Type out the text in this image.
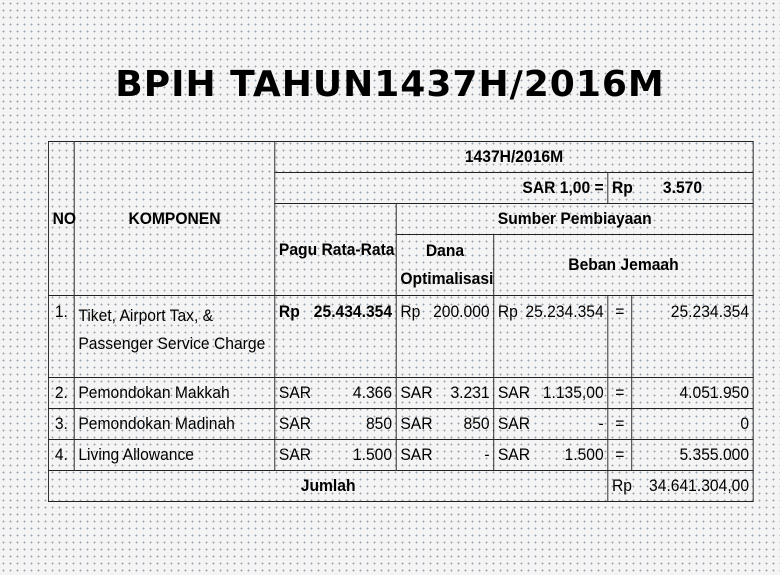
BPIH TAHUN1437H/2016M
NO	KOMPONEN	1437H/2016M				
		SAR 1,00 =			Rp 3.570	
		Pagu Rata-Rata	Sumber Pembiayaan			
			Dana Optimalisasi	Beban Jemaah		
1.	Tiket, Airport Tax, & Passenger Service Charge	Rp 25.434.354	Rp 200.000	Rp 25.234.354	=	25.234.354
2.	Pemondokan Makkah	SAR 4.366	SAR 3.231	SAR 1.135,00	=	4.051.950
3.	Pemondokan Madinah	SAR 850	SAR 850	SAR -	=	0
4.	Living Allowance	SAR 1.500	SAR -	SAR 1.500	=	5.355.000
Jumlah					Rp 34.641.304,00	
